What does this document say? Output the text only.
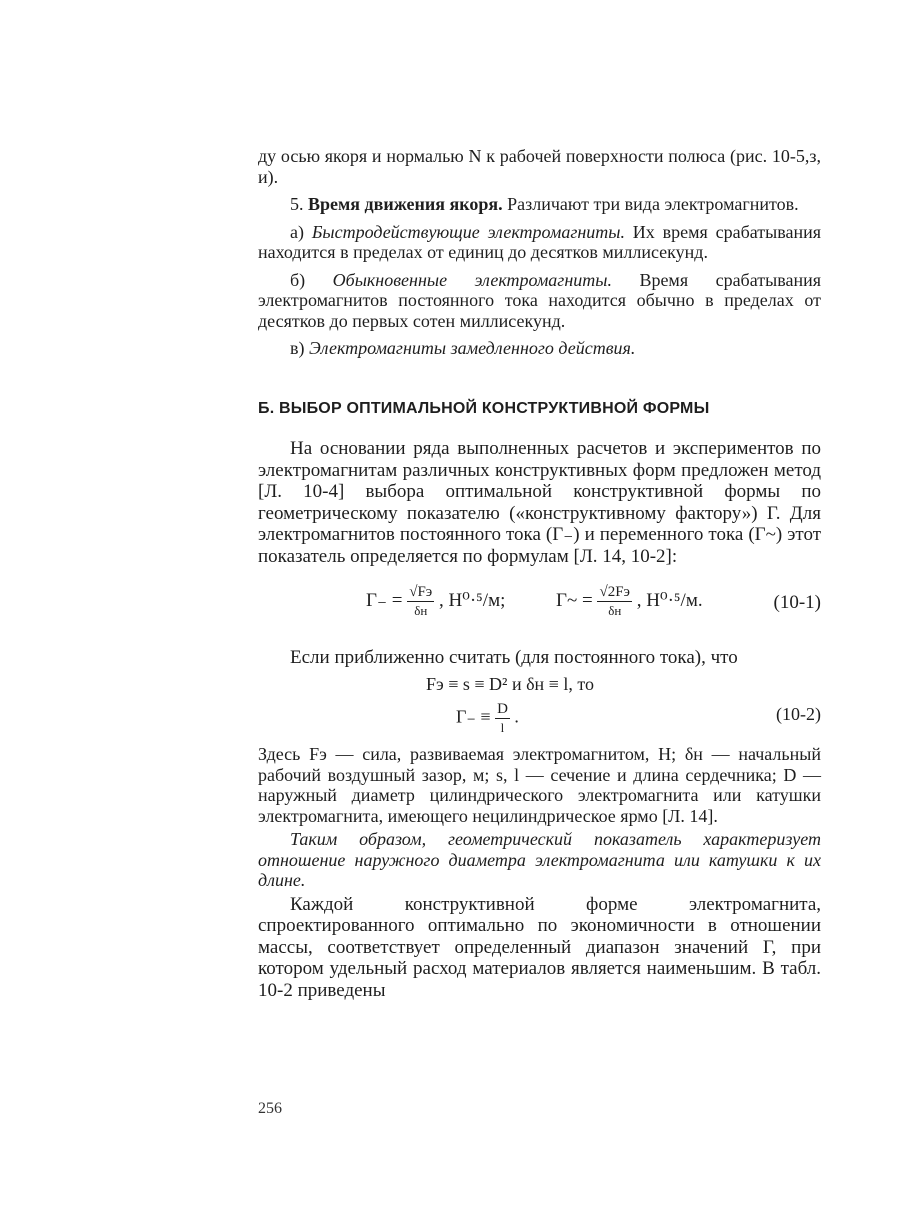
ду осью якоря и нормалью N к рабочей поверхности полюса (рис. 10-5,з, и).

5. Время движения якоря. Различают три вида электромагнитов.

а) Быстродействующие электромагниты. Их время срабатывания находится в пределах от единиц до десятков миллисекунд.

б) Обыкновенные электромагниты. Время срабатывания электромагнитов постоянного тока находится обычно в пределах от десятков до первых сотен миллисекунд.

в) Электромагниты замедленного действия.

Б. ВЫБОР ОПТИМАЛЬНОЙ КОНСТРУКТИВНОЙ ФОРМЫ

На основании ряда выполненных расчетов и экспериментов по электромагнитам различных конструктивных форм предложен метод [Л. 10-4] выбора оптимальной конструктивной формы по геометрическому показателю («конструктивному фактору») Г. Для электромагнитов постоянного тока (Г₋) и переменного тока (Г~) этот показатель определяется по формулам [Л. 14, 10-2]:

$Г_- = \frac{√Fэ}{\delta н}$ , Н⁰·⁵/м;	Г~ = $\frac{√2Fэ}{\delta н}$ , Н⁰·⁵/м.	(10-1)

Если приближенно считать (для постоянного тока), что

Fэ ≡ s ≡ D² и δн ≡ l, то
$Г_- \equiv \frac{D}{l}$ .	(10-2)

Здесь Fэ — сила, развиваемая электромагнитом, Н; δн — начальный рабочий воздушный зазор, м; s, l — сечение и длина сердечника; D — наружный диаметр цилиндрического электромагнита или катушки электромагнита, имеющего нецилиндрическое ярмо [Л. 14].

Таким образом, геометрический показатель характеризует отношение наружного диаметра электромагнита или катушки к их длине.

Каждой конструктивной форме электромагнита, спроектированного оптимально по экономичности в отношении массы, соответствует определенный диапазон значений Г, при котором удельный расход материалов является наименьшим. В табл. 10-2 приведены

256
